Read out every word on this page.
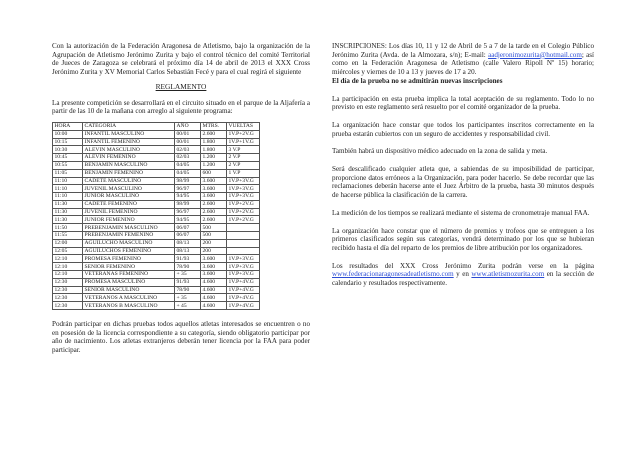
Con la autorización de la Federación Aragonesa de Atletismo, bajo la organización de la Agrupación de Atletismo Jerónimo Zurita y bajo el control técnico del comité Territorial de Jueces de Zaragoza se celebrará el próximo día 14 de abril de 2013 el XXX Cross Jerónimo Zurita y XV Memorial Carlos Sebastián Fecé y para el cual regirá el siguiente

REGLAMENTO

La presente competición se desarrollará en el circuito situado en el parque de la Aljafería a partir de las 10 de la mañana con arreglo al siguiente programa:

HORA	CATEGORIA	AÑO	MTRS.	VUELTAS
10:00	INFANTIL MASCULINO	00/01	2.600	1V.P+2V.G
10:15	INFANTIL FEMENINO	00/01	1.800	1V.P+1V.G
10:30	ALEVIN MASCULINO	02/03	1.800	3 V.P
10:45	ALEVIN FEMENINO	02/03	1.200	2 V.P
10:55	BENJAMIN MASCULINO	04/05	1.200	2 V.P
11:05	BENJAMIN FEMENINO	04/05	600	1 V.P
11:10	CADETE MASCULINO	98/99	3.600	1V.P+3V.G
11:10	JUVENIL MASCULINO	96/97	3.600	1V.P+3V.G
11:10	JUNIOR MASCULINO	94/95	3.600	1V.P+3V.G
11:30	CADETE FEMENINO	98/99	2.600	1V.P+2V.G
11:30	JUVENIL FEMENINO	96/97	2.600	1V.P+2V.G
11:30	JUNIOR FEMENINO	94/95	2.600	1V.P+2V.G
11:50	PREBENJAMIN MASCULINO	06/07	500	
11:55	PREBENJAMIN FEMENINO	06/07	500	
12:00	AGUILUCHO MASCULINO	08/13	200	
12:05	AGUILUCHOS FEMENINO	08/13	200	
12:10	PROMESA FEMENINO	91/93	3.600	1V.P+3V.G
12:10	SENIOR FEMENINO	78/90	3.600	1V.P+3V.G
12:10	VETERANAS FEMENINO	+ 35	3.600	1V.P+3V.G
12:30	PROMESA MASCULINO	91/93	4.600	1V.P+4V.G
12:30	SENIOR MASCULINO	78/90	4.600	1V.P+4V.G
12:30	VETERANOS A MASCULINO	+ 35	4.600	1V.P+4V.G
12:30	VETERANOS B MASCULINO	+ 45	4.600	1V.P+4V.G

Podrán participar en dichas pruebas todos aquellos atletas interesados se encuentren o no en posesión de la licencia correspondiente a su categoría, siendo obligatorio participar por año de nacimiento. Los atletas extranjeros deberán tener licencia por la FAA para poder participar.

INSCRIPCIONES: Los días 10, 11 y 12 de Abril de 5 a 7 de la tarde en el Colegio Público Jerónimo Zurita (Avda. de la Almozara, s/n); E-mail: aadjeronimozurita@hotmail.com; así como en la Federación Aragonesa de Atletismo (calle Valero Ripoll Nº 15) horario; miércoles y viernes de 10 a 13 y jueves de 17 a 20.

El día de la prueba no se admitirán nuevas inscripciones

La participación en esta prueba implica la total aceptación de su reglamento. Todo lo no previsto en este reglamento será resuelto por el comité organizador de la prueba.

La organización hace constar que todos los participantes inscritos correctamente en la prueba estarán cubiertos con un seguro de accidentes y responsabilidad civil.

También habrá un dispositivo médico adecuado en la zona de salida y meta.

Será descalificado cualquier atleta que, a sabiendas de su imposibilidad de participar, proporcione datos erróneos a la Organización, para poder hacerlo. Se debe recordar que las reclamaciones deberán hacerse ante el Juez Árbitro de la prueba, hasta 30 minutos después de hacerse pública la clasificación de la carrera.

La medición de los tiempos se realizará mediante el sistema de cronometraje manual FAA.

La organización hace constar que el número de premios y trofeos que se entreguen a los primeros clasificados según sus categorías, vendrá determinado por los que se hubieran recibido hasta el día del reparto de los premios de libre atribución por los organizadores.

Los resultados del XXX Cross Jerónimo Zurita podrán verse en la página www.federacionaragonesadeatletismo.com y en www.atletismozurita.com en la sección de calendario y resultados respectivamente.
